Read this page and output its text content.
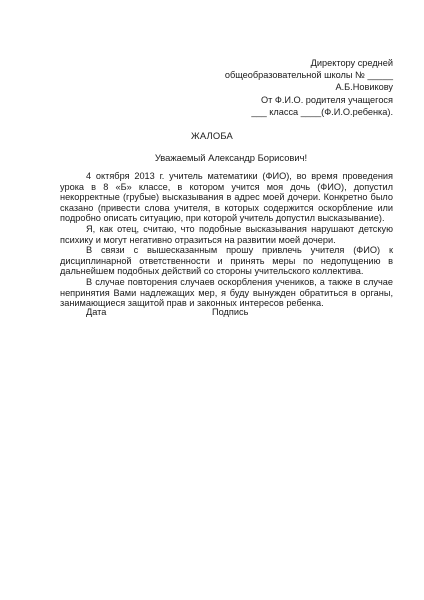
Директору средней
общеобразовательной школы № _____
А.Б.Новикову
От Ф.И.О. родителя учащегося
___ класса ____(Ф.И.О.ребенка).
ЖАЛОБА
Уважаемый Александр Борисович!

4 октября 2013 г. учитель математики (ФИО), во время проведения урока в 8 «Б» классе, в котором учится моя дочь (ФИО), допустил некорректные (грубые) высказывания в адрес моей дочери. Конкретно было сказано (привести слова учителя, в которых содержится оскорбление или подробно описать ситуацию, при которой учитель допустил высказывание).

Я, как отец, считаю, что подобные высказывания нарушают детскую психику и могут негативно отразиться на развитии моей дочери.

В связи с вышесказанным прошу привлечь учителя (ФИО) к дисциплинарной ответственности и принять меры по недопущению в дальнейшем подобных действий со стороны учительского коллектива.

В случае повторения случаев оскорбления учеников, а также в случае непринятия Вами надлежащих мер, я буду вынужден обратиться в органы, занимающиеся защитой прав и законных интересов ребенка.

Дата	Подпись
